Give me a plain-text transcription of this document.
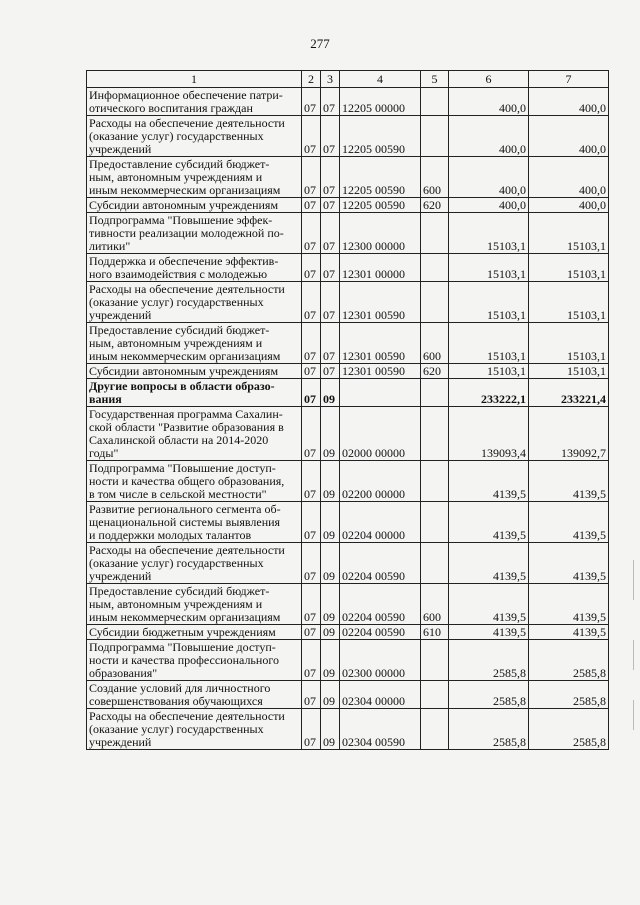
277
1	2	3	4	5	6	7
Информационное обеспечение патри-
отического воспитания граждан	07	07	12205 00000		400,0	400,0
Расходы на обеспечение деятельности
(оказание услуг) государственных
учреждений	07	07	12205 00590		400,0	400,0
Предоставление субсидий бюджет-
ным, автономным учреждениям и
иным некоммерческим организациям	07	07	12205 00590	600	400,0	400,0
Субсидии автономным учреждениям	07	07	12205 00590	620	400,0	400,0
Подпрограмма "Повышение эффек-
тивности реализации молодежной по-
литики"	07	07	12300 00000		15103,1	15103,1
Поддержка и обеспечение эффектив-
ного взаимодействия с молодежью	07	07	12301 00000		15103,1	15103,1
Расходы на обеспечение деятельности
(оказание услуг) государственных
учреждений	07	07	12301 00590		15103,1	15103,1
Предоставление субсидий бюджет-
ным, автономным учреждениям и
иным некоммерческим организациям	07	07	12301 00590	600	15103,1	15103,1
Субсидии автономным учреждениям	07	07	12301 00590	620	15103,1	15103,1
Другие вопросы в области образо-
вания	07	09			233222,1	233221,4
Государственная программа Сахалин-
ской области "Развитие образования в
Сахалинской области на 2014-2020
годы"	07	09	02000 00000		139093,4	139092,7
Подпрограмма "Повышение доступ-
ности и качества общего образования,
в том числе в сельской местности"	07	09	02200 00000		4139,5	4139,5
Развитие регионального сегмента об-
щенациональной системы выявления
и поддержки молодых талантов	07	09	02204 00000		4139,5	4139,5
Расходы на обеспечение деятельности
(оказание услуг) государственных
учреждений	07	09	02204 00590		4139,5	4139,5
Предоставление субсидий бюджет-
ным, автономным учреждениям и
иным некоммерческим организациям	07	09	02204 00590	600	4139,5	4139,5
Субсидии бюджетным учреждениям	07	09	02204 00590	610	4139,5	4139,5
Подпрограмма "Повышение доступ-
ности и качества профессионального
образования"	07	09	02300 00000		2585,8	2585,8
Создание условий для личностного
совершенствования обучающихся	07	09	02304 00000		2585,8	2585,8
Расходы на обеспечение деятельности
(оказание услуг) государственных
учреждений	07	09	02304 00590		2585,8	2585,8
